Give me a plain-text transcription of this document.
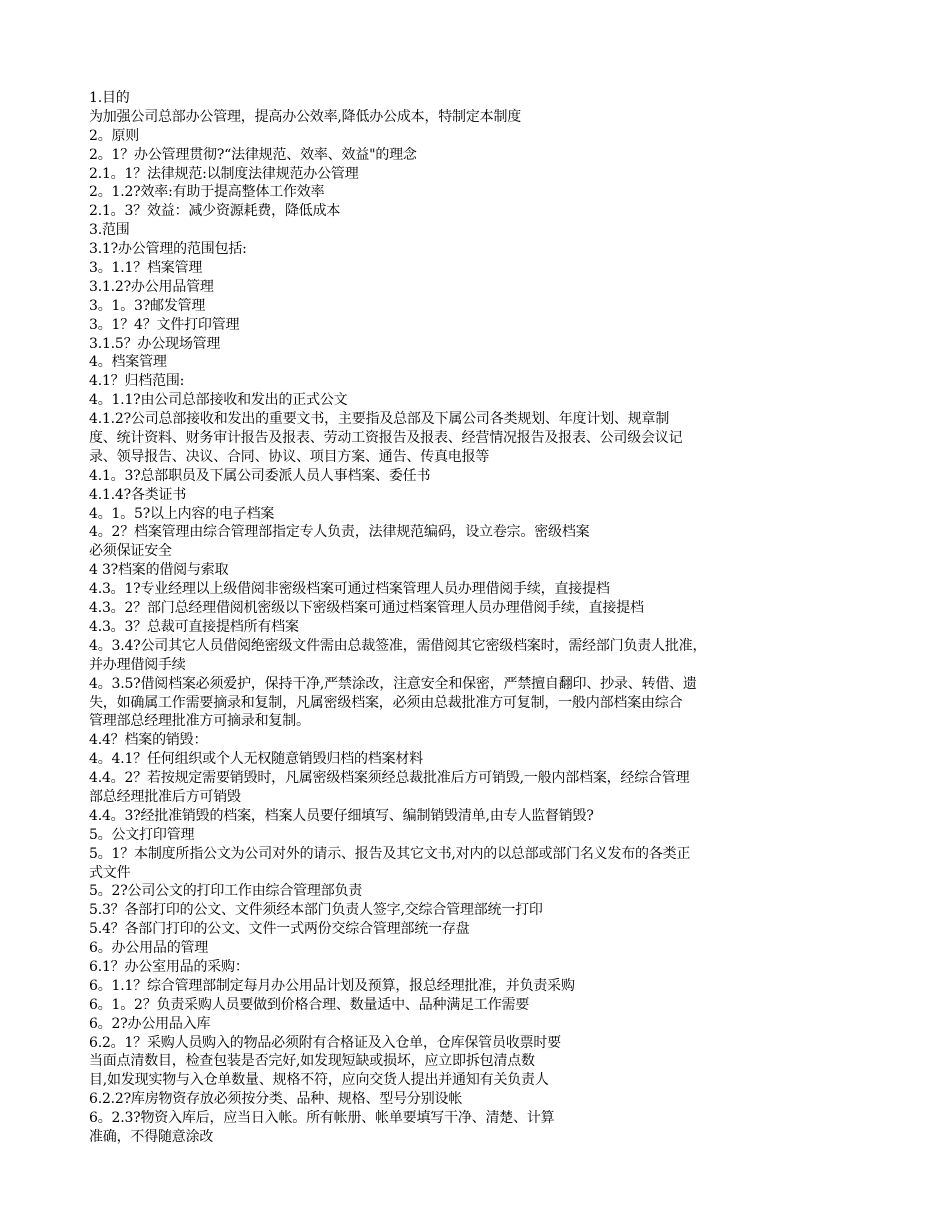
1.目的
为加强公司总部办公管理，提高办公效率,降低办公成本，特制定本制度
2。原则
2。1？办公管理贯彻?“法律规范、效率、效益"的理念
2.1。1？法律规范:以制度法律规范办公管理
2。1.2?效率:有助于提高整体工作效率
2.1。3？效益：减少资源耗费，降低成本
3.范围
3.1?办公管理的范围包括:
3。1.1？档案管理
3.1.2?办公用品管理
3。1。3?邮发管理
3。1？4？文件打印管理
3.1.5？办公现场管理
4。档案管理
4.1？归档范围:
4。1.1?由公司总部接收和发出的正式公文
4.1.2?公司总部接收和发出的重要文书，主要指及总部及下属公司各类规划、年度计划、规章制
度、统计资料、财务审计报告及报表、劳动工资报告及报表、经营情况报告及报表、公司级会议记
录、领导报告、决议、合同、协议、项目方案、通告、传真电报等
4.1。3?总部职员及下属公司委派人员人事档案、委任书
4.1.4?各类证书
4。1。5?以上内容的电子档案
4。2？档案管理由综合管理部指定专人负责，法律规范编码，设立卷宗。密级档案
必须保证安全
4 3?档案的借阅与索取
4.3。1?专业经理以上级借阅非密级档案可通过档案管理人员办理借阅手续，直接提档
4.3。2？部门总经理借阅机密级以下密级档案可通过档案管理人员办理借阅手续，直接提档
4.3。3？总裁可直接提档所有档案
4。3.4?公司其它人员借阅绝密级文件需由总裁签准，需借阅其它密级档案时，需经部门负责人批准，
并办理借阅手续
4。3.5?借阅档案必须爱护，保持干净,严禁涂改，注意安全和保密，严禁擅自翻印、抄录、转借、遗
失，如确属工作需要摘录和复制，凡属密级档案，必须由总裁批准方可复制，一般内部档案由综合
管理部总经理批准方可摘录和复制。
4.4？档案的销毁：
4。4.1？任何组织或个人无权随意销毁归档的档案材料
4.4。2？若按规定需要销毁时，凡属密级档案须经总裁批准后方可销毁,一般内部档案，经综合管理
部总经理批准后方可销毁
4.4。3?经批准销毁的档案，档案人员要仔细填写、编制销毁清单,由专人监督销毁?
5。公文打印管理
5。1？本制度所指公文为公司对外的请示、报告及其它文书,对内的以总部或部门名义发布的各类正
式文件
5。2?公司公文的打印工作由综合管理部负责
5.3？各部打印的公文、文件须经本部门负责人签字,交综合管理部统一打印
5.4？各部门打印的公文、文件一式两份交综合管理部统一存盘
6。办公用品的管理
6.1？办公室用品的采购：
6。1.1？综合管理部制定每月办公用品计划及预算，报总经理批准，并负责采购
6。1。2？负责采购人员要做到价格合理、数量适中、品种满足工作需要
6。2?办公用品入库
6.2。1？采购人员购入的物品必须附有合格证及入仓单，仓库保管员收票时要
当面点清数目，检查包装是否完好,如发现短缺或损坏，应立即拆包清点数
目,如发现实物与入仓单数量、规格不符，应向交货人提出并通知有关负责人
6.2.2?库房物资存放必须按分类、品种、规格、型号分别设帐
6。2.3?物资入库后，应当日入帐。所有帐册、帐单要填写干净、清楚、计算
准确，不得随意涂改
